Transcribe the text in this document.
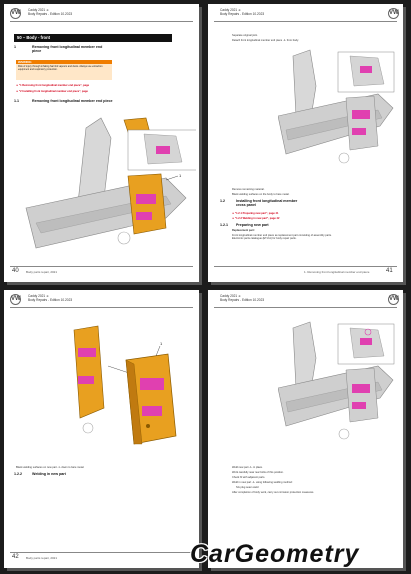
VW Caddy 2021 ➜
Body Repairs - Edition 10.2023
50 – Body - front
1	Removing front longitudinal member end piece
WARNING
Risk of injury through inhaling harmful vapours and dusts. Always use extraction equipment and respiratory protection.
⇒ "1 Removing front longitudinal member end piece", page
⇒ "2 Installing front longitudinal member end piece", page
1.1	Removing front longitudinal member end piece
1
40 Body parts repair, 2021
VW
Caddy 2021 ➜
Body Repairs - Edition 10.2023
Separate original joint.
Detach front longitudinal member end piece -1- from body.
Remove remaining material.
Blank welding surfaces on the body to bare metal.
1.2	Installing front longitudinal member cross panel
⇒ "1.2.1 Preparing new part", page 41
⇒ "1.2.2 Welding in new part", page 42
1.2.1 Preparing new part
Replacement part:
Front longitudinal member end piece as replacement part consisting of assembly parts. Electronic parts catalogue (ET-KA) for body repair parts.
1. Removing front longitudinal member end piece	41
VW Caddy 2021 ➜
Body Repairs - Edition 10.2023
1
Blank welding surfaces on new part -1- down to bare metal.
1.2.2	Welding in new part
42 Body parts repair, 2021
VW
Caddy 2021 ➜
Body Repairs - Edition 10.2023
Weld new part -1- in place.
Work carefully near rear bolts of this position.
Check fit with adjacent parts.
Weld in new part -1- using following welding method:
SG plug seam weld
After completion of body work, carry out corrosion protection measures.
CarGeometry
